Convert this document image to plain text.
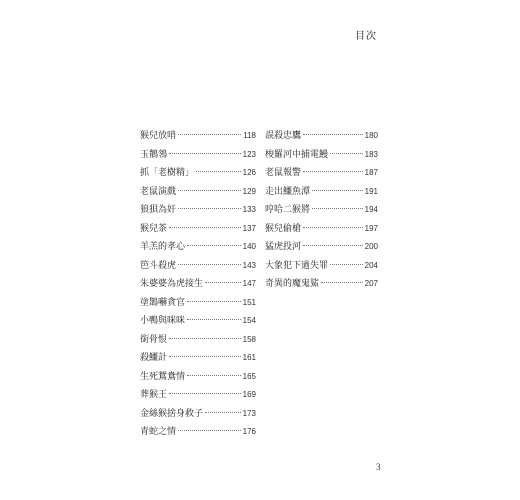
目次
猴兒放哨	118
玉鶺鴒	123
抓「老樹精」	126
老鼠演戲	129
狼狽為奸	133
猴兒茶	137
羊羔的孝心	140
笆斗殺虎	143
朱婆婆為虎接生	147
塗鵲嚇貪官	151
小鴨與咪咪	154
銜骨恨	158
殺鱷計	161
生死鴛鴦情	165
葬猴王	169
金絲猴捨身救子	173
青蛇之情	176
誤殺忠鷹	180
梭羅河中捕電鰻	183
老鼠報警	187
走出鱷魚潭	191
哼哈二猴將	194
猴兒偷槍	197
猛虎投河	200
大象犯下過失罪	204
奇異的魔鬼鯊	207
3
